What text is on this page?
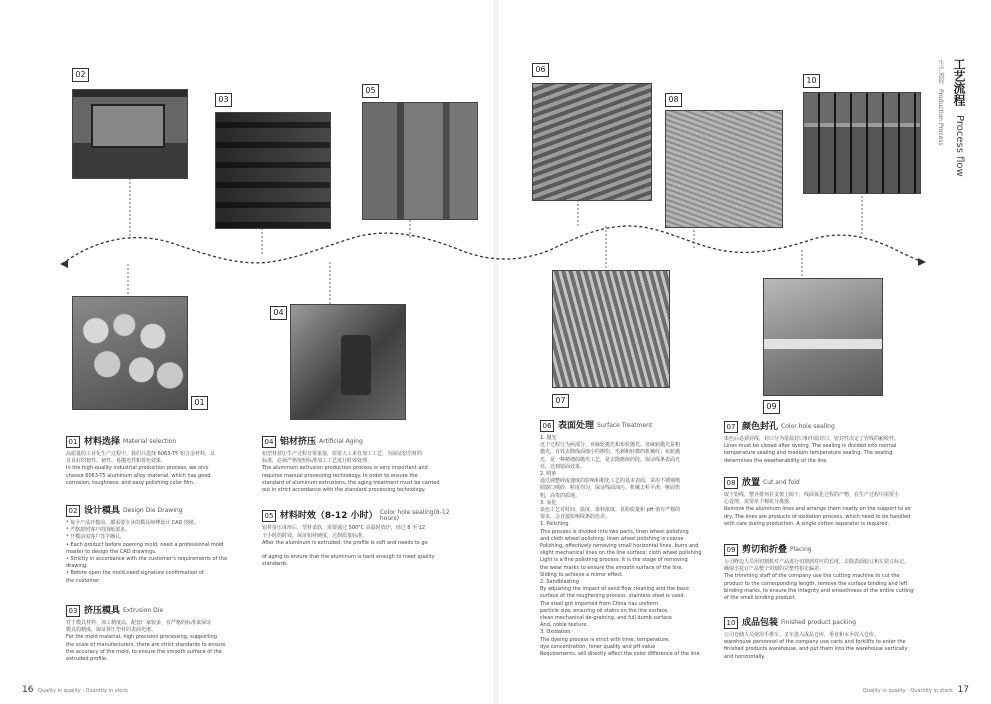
01
02
03
04
05
06
07
08
09
10	工艺流程 Process flow
生产流程 Production Process
01 材料选择 Material selection

高质量的工业化生产过程中，我们只选择 6063-T5 铝合金材料，具

有良好的韧性、韧性、易抛光性和着色效果。

In the high-quality industrial production process, we only

choose 6063-T5 aluminum alloy material, which has good

corrosion, toughness, and easy polishing color film.

02 设计模具 Design Die Drawing

* 每个产品开模前，都需要专业的模具师傅设计 CAD 图纸。

* 严格按照客户的图纸要求。

* 开模前需客户签字确认。

• Each product before opening mold, need a professional mold

master to design the CAD drawings.

• Strictly in accordance with the customer's requirements of the

drawing.

• Before open the mold.need signature confirmation of

the customer.

03 挤压模具 Extrusion Die

对于模具材料、加工精度高，配套厂家较多，有严格的标准来保证

模具的精度，保证挤压型材的表面光滑。

For the mold material, high precision processing, supporting

the scale of manufacturers, there are strict standards to ensure

the accuracy of the mold, to ensure the smooth surface of the

extruded profile.

04 铝材挤压 Artificial Aging

铝型材挤压生产过程非常重要，需要人工来自加工工艺，为保证铝型材的

标准，必须严格按照标准加工工艺进行时效处理。

The aluminum extrusion production process is very important and

requires manual processing technology. In order to ensure the

standard of aluminum extrusions, the aging treatment must be carried

out in strict accordance with the standard processing technology.

05 材料时效（8-12 小时） Color hole sealing(8-12 hours)

铝材挤压成形后，型材柔软，需要通过 500°C 高温时效炉，经过 8 至 12

个小时的时效，保证铝材硬度，达到质量标准。

After the aluminum is extruded, the profile is soft and needs to go

of aging to ensure that the aluminum is hard enough to meet quality

standards

06 表面处理 Surface Treatment

1. 抛光

这个过程分为两部分，亚麻轮抛光和布轮抛光。亚麻轮抛光是粗

抛光，有效去除线面细小的擦伤，毛刺和轻微的机械纹；布轮抛

光，是一种精细的抛光工艺，是去除磨痕的段，保证线条表面光

亮，达到镜面效果。

2. 喷砂

通过调整砂流速度的影响和粗化工艺的基本表面，采用不锈钢喷

圆器口喷砂，粒度均匀，保证线面油污，机械去粒平滑，哑面悟

粗，高贵的质地。

3. 氧化

染色工艺对时间、温度、染料浓度、显粉质量和 pH 值有严格的

要求，会直接影响线条的色差。

1. Polishing

This process is divided into two parts, linen wheel polishing

and cloth wheel polishing, linen wheel polishing is coarse

Polishing, effectively removing small horizontal lines, burrs and

slight mechanical lines on the line surface; cloth wheel polishing

Light is a fine polishing process. It is the stage of removing

the wear marks to ensure the smooth surface of the line.

Sliding to achieve a mirror effect.

2. Sandblasting

By adjusting the impact of sand flow cleaning and the basic

surface of the roughening process, stainless steel is used.

The steel grit imported from China has uniform

particle size, ensuring oil stains on the line surface,

clean mechanical de-graining, and full dumb surface

And, noble texture.

3. Oxidation

The dyeing process is strict with time, temperature,

dye concentration, toner quality and pH value

Requirements, will directly affect the color difference of the line.

07 颜色封孔 Color hole sealing

染色后必须封线，封口分为常温封口和中温封口，密封性决定了管线的耐候性。

Lines must be closed after dyeing. The sealing is divided into normal

temperature sealing and medium temperature sealing. The sealing

determines the weatherability of the line.

08 放置 Cut and fold

取下铝线，整齐排列在支架上晾干，线面氧化过程的产物，在生产过程中需要小

心处理，需要单个棉花分离器。

Remove the aluminum lines and arrange them neatly on the support to air

dry. The lines are products of oxidation process, which need to be handled

with care during production. A single cotton separator is required.

09 剪切和折叠 Placing

公司修边人员用切割机对产品进行切割到对应的长度，去除表面胶订和左装订标记，

确保小装订产品整个切割的完整性相无偏差。

The trimming staff of the company use the cutting machine to cut the

product to the corresponding length, remove the surface binding and left

binding marks, to ensure the integrity and smoothness of the entire cutting

of the small binding product.

10 成品包装 Finished product packing

公司仓储人员使用手推车、叉车进入成品仓库，垂直和水平放入仓库。

warehouse personnel of the company use carts and forklifts to enter the

finished products warehouse, and put them into the warehouse vertically

and horizontally.

16 Quality in quality · Quantity in stock	Quality in quality · Quantity in stock 17
